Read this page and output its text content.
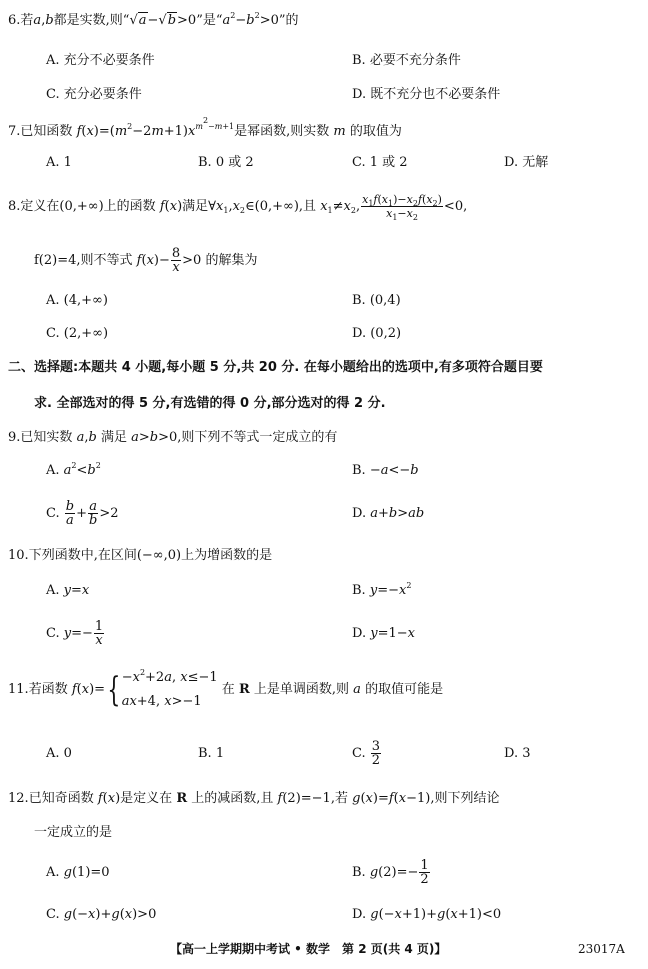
6.若a,b都是实数,则“√a−√b>0”是“$a^2-b^2>0$”的
A. 充分不必要条件	B. 必要不充分条件
C. 充分必要条件	D. 既不充分也不必要条件
7.已知函数 $f(x)=(m^2-2m+1)x^{m^2-m+1}$是幂函数,则实数 m 的取值为
A. 1	B. 0 或 2	C. 1 或 2	D. 无解
8.定义在(0,+∞)上的函数 f(x)满足$\forall x_1,x_2\in(0,+\infty)$,且 $x_1\ne x_2$, $\frac{x_1f(x_1)-x_2f(x_2)}{x_1-x_2} <0$,
f(2)=4,则不等式 $f(x)- \frac{8}{x} >0$ 的解集为
A. (4,+∞)	B. (0,4)
C. (2,+∞)	D. (0,2)
二、选择题:本题共 4 小题,每小题 5 分,共 20 分. 在每小题给出的选项中,有多项符合题目要
求. 全部选对的得 5 分,有选错的得 0 分,部分选对的得 2 分.
9.已知实数 a,b 满足 a>b>0,则下列不等式一定成立的有
A. $a^2<b^2$	B. −a<−b
C. $\frac{b}{a} + \frac{a}{b} >2$	D. a+b>ab
10.下列函数中,在区间(−∞,0)上为增函数的是
A. y=x	B. $y=-x^2$
C. $y=- \frac{1}{x}$	D. y=1−x
11.若函数 $f(x)=\{ -x^2+2a$, x≤−1
ax+4, x>−1
在 R 上是单调函数,则 a 的取值可能是
A. 0	B. 1	C. $\frac{3}{2}$	D. 3
12.已知奇函数 f(x)是定义在 R 上的减函数,且 f(2)=−1,若 g(x)=f(x−1),则下列结论
一定成立的是
A. g(1)=0	B. $g(2)=- \frac{1}{2}$
C. g(−x)+g(x)>0	D. g(−x+1)+g(x+1)<0
【高一上学期期中考试 • 数学　第 2 页(共 4 页)】	23017A
